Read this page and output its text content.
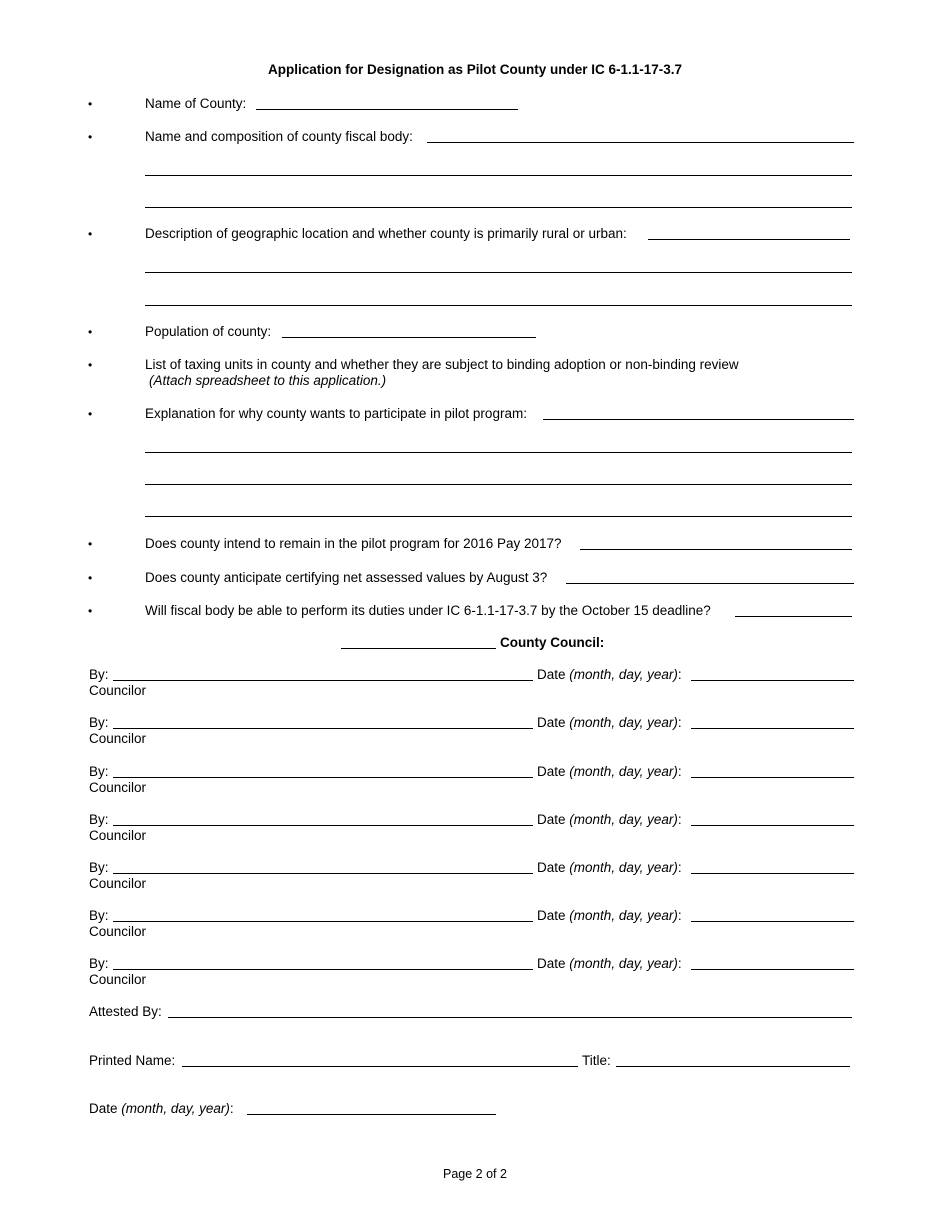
Application for Designation as Pilot County under IC 6-1.1-17-3.7
•	Name of County:
•	Name and composition of county fiscal body:
•	Description of geographic location and whether county is primarily rural or urban:
•	Population of county:
•	List of taxing units in county and whether they are subject to binding adoption or non-binding review
(Attach spreadsheet to this application.)
•	Explanation for why county wants to participate in pilot program:
•	Does county intend to remain in the pilot program for 2016 Pay 2017?
•	Does county anticipate certifying net assessed values by August 3?
•	Will fiscal body be able to perform its duties under IC 6-1.1-17-3.7 by the October 15 deadline?
County Council:
By:	Date (month, day, year):
Councilor
By:	Date (month, day, year):
Councilor
By:	Date (month, day, year):
Councilor
By:	Date (month, day, year):
Councilor
By:	Date (month, day, year):
Councilor
By:	Date (month, day, year):
Councilor
By:	Date (month, day, year):
Councilor
Attested By:
Printed Name:	Title:
Date (month, day, year):
Page 2 of 2
